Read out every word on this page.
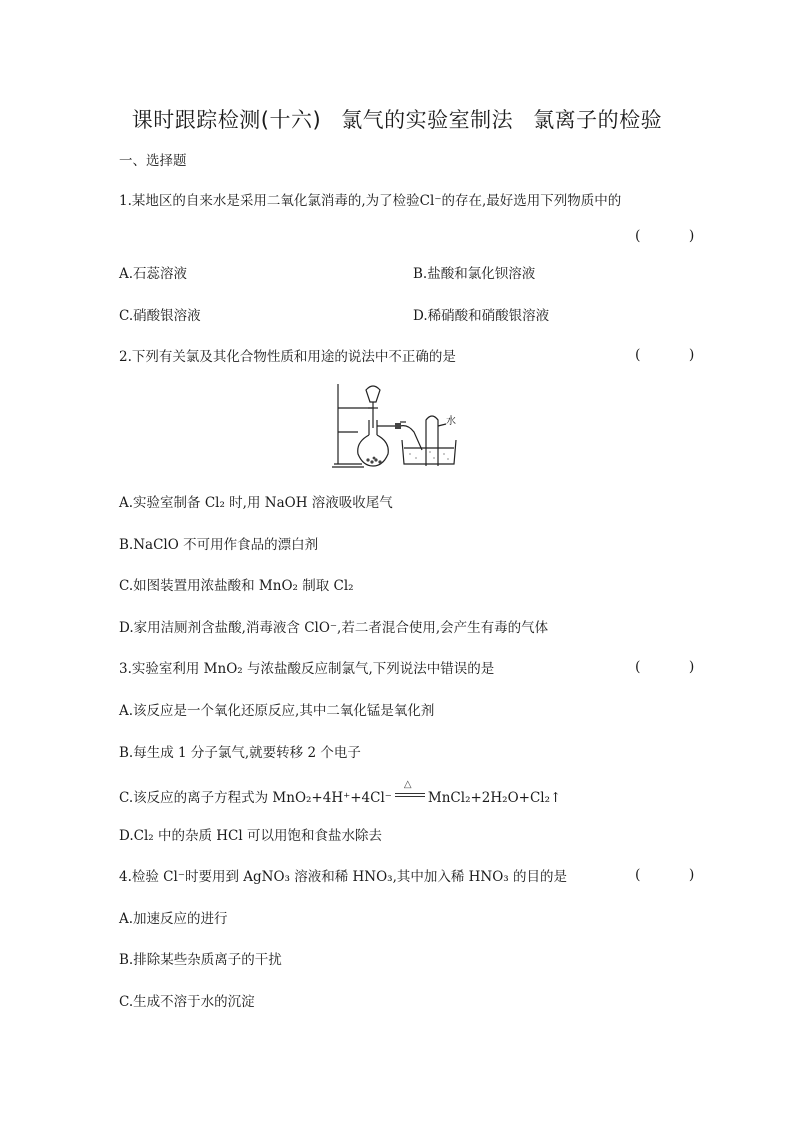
课时跟踪检测(十六) 氯气的实验室制法 氯离子的检验
一、选择题
1.某地区的自来水是采用二氧化氯消毒的,为了检验Cl⁻的存在,最好选用下列物质中的
( )
A.石蕊溶液	B.盐酸和氯化钡溶液
C.硝酸银溶液	D.稀硝酸和硝酸银溶液
2.下列有关氯及其化合物性质和用途的说法中不正确的是	( )
水
A.实验室制备 Cl₂ 时,用 NaOH 溶液吸收尾气
B.NaClO 不可用作食品的漂白剂
C.如图装置用浓盐酸和 MnO₂ 制取 Cl₂
D.家用洁厕剂含盐酸,消毒液含 ClO⁻,若二者混合使用,会产生有毒的气体
3.实验室利用 MnO₂ 与浓盐酸反应制氯气,下列说法中错误的是	( )
A.该反应是一个氧化还原反应,其中二氧化锰是氧化剂
B.每生成 1 分子氯气,就要转移 2 个电子
C.该反应的离子方程式为 MnO₂+4H⁺+4Cl⁻
△
MnCl₂+2H₂O+Cl₂↑
D.Cl₂ 中的杂质 HCl 可以用饱和食盐水除去
4.检验 Cl⁻时要用到 AgNO₃ 溶液和稀 HNO₃,其中加入稀 HNO₃ 的目的是	( )
A.加速反应的进行
B.排除某些杂质离子的干扰
C.生成不溶于水的沉淀
